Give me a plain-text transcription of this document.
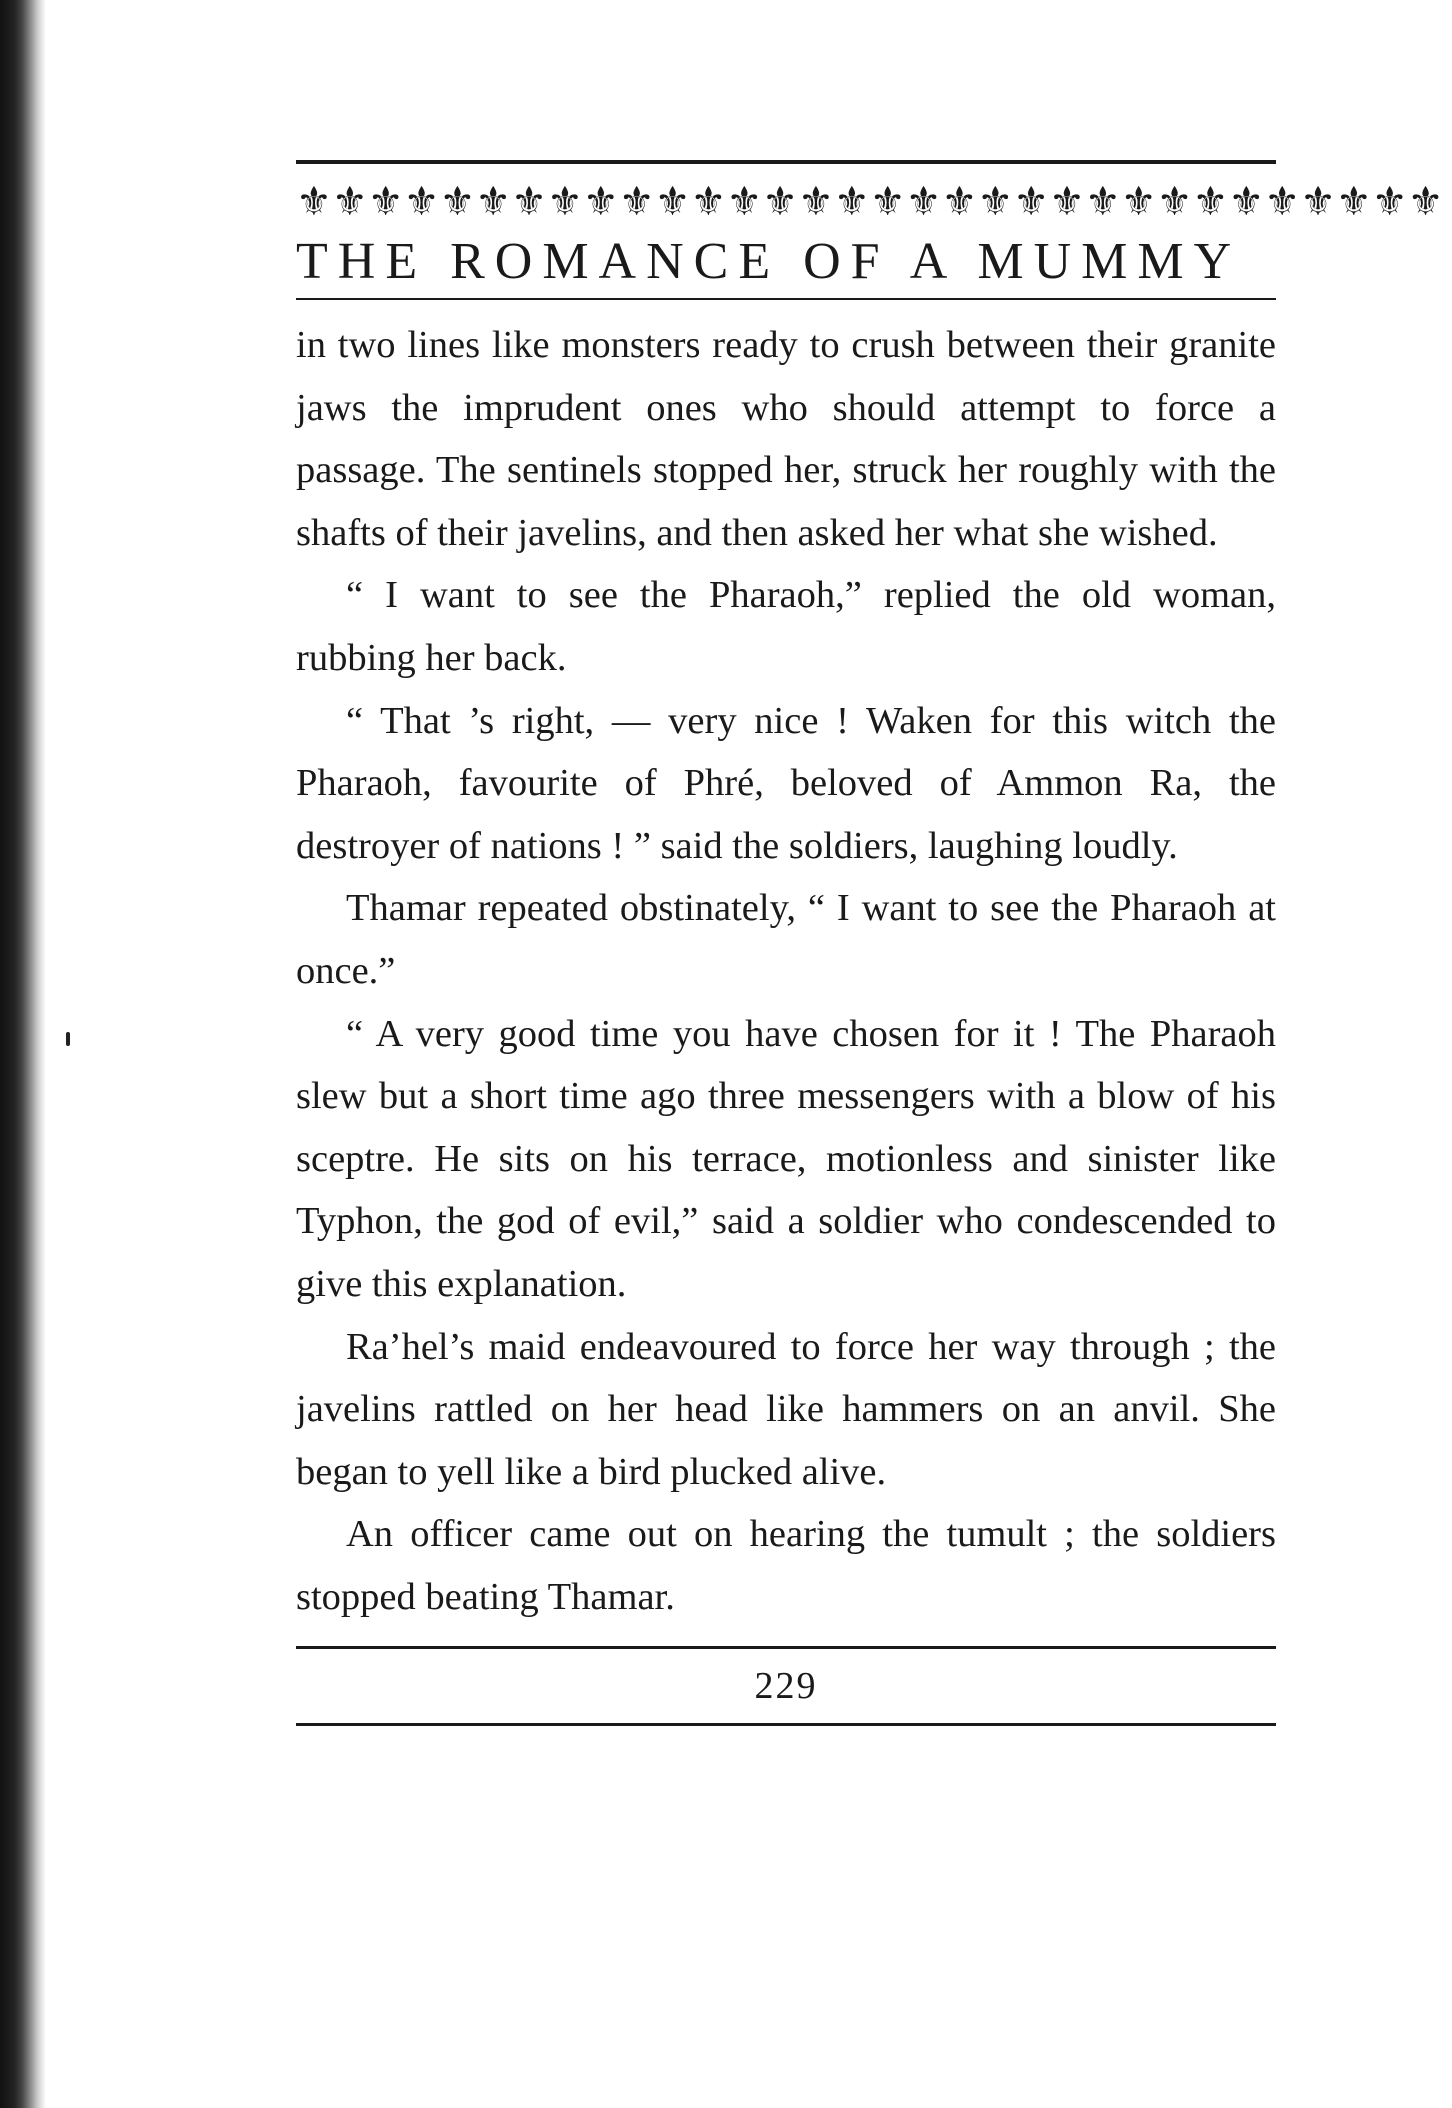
⚜ ⚜ ⚜ ⚜ ⚜ ⚜ ⚜ ⚜ ⚜ ⚜ ⚜ ⚜ ⚜ ⚜ ⚜ ⚜ ⚜ ⚜ ⚜ ⚜ ⚜ ⚜ ⚜ ⚜ ⚜ ⚜ ⚜ ⚜ ⚜ ⚜ ⚜ ⚜
THE ROMANCE OF A MUMMY

in two lines like monsters ready to crush between their granite jaws the imprudent ones who should attempt to force a passage. The sentinels stopped her, struck her roughly with the shafts of their javelins, and then asked her what she wished.

“ I want to see the Pharaoh,” replied the old woman, rubbing her back.

“ That ’s right, — very nice ! Waken for this witch the Pharaoh, favourite of Phré, beloved of Ammon Ra, the destroyer of nations ! ” said the soldiers, laughing loudly.

Thamar repeated obstinately, “ I want to see the Pharaoh at once.”

“ A very good time you have chosen for it ! The Pharaoh slew but a short time ago three messengers with a blow of his sceptre. He sits on his terrace, motionless and sinister like Typhon, the god of evil,” said a soldier who condescended to give this explanation.

Ra’hel’s maid endeavoured to force her way through ; the javelins rattled on her head like hammers on an anvil. She began to yell like a bird plucked alive.

An officer came out on hearing the tumult ; the soldiers stopped beating Thamar.

229
